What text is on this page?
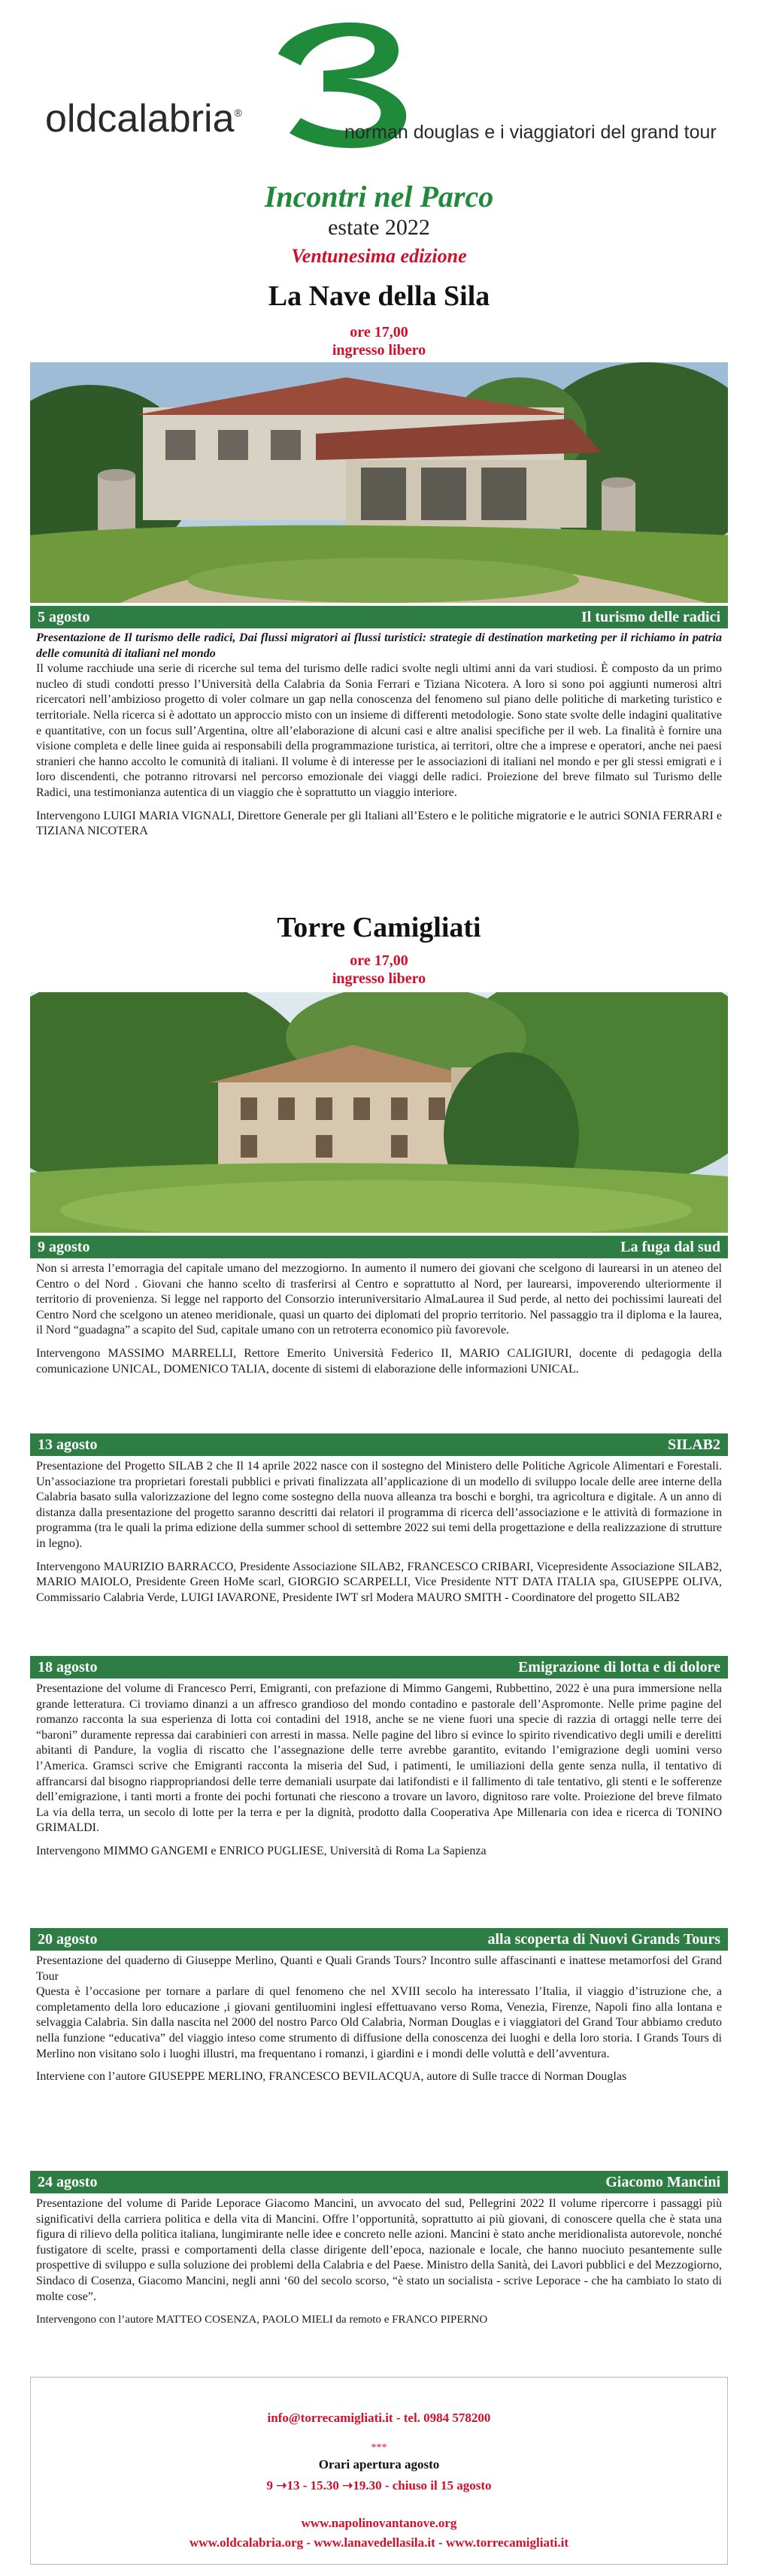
oldcalabria®
norman douglas e i viaggiatori del grand tour
Incontri nel Parco
estate 2022
Ventunesima edizione
La Nave della Sila
ore 17,00
ingresso libero
5 agosto	Il turismo delle radici

Presentazione de Il turismo delle radici, Dai flussi migratori ai flussi turistici: strategie di destination marketing per il richiamo in patria delle comunità di italiani nel mondo

Il volume racchiude una serie di ricerche sul tema del turismo delle radici svolte negli ultimi anni da vari studiosi. È composto da un primo nucleo di studi condotti presso l’Università della Calabria da Sonia Ferrari e Tiziana Nicotera. A loro si sono poi aggiunti numerosi altri ricercatori nell’ambizioso progetto di voler colmare un gap nella conoscenza del fenomeno sul piano delle politiche di marketing turistico e territoriale. Nella ricerca si è adottato un approccio misto con un insieme di differenti metodologie. Sono state svolte delle indagini qualitative e quantitative, con un focus sull’Argentina, oltre all’elaborazione di alcuni casi e altre analisi specifiche per il web. La finalità è fornire una visione completa e delle linee guida ai responsabili della programmazione turistica, ai territori, oltre che a imprese e operatori, anche nei paesi stranieri che hanno accolto le comunità di italiani. Il volume è di interesse per le associazioni di italiani nel mondo e per gli stessi emigrati e i loro discendenti, che potranno ritrovarsi nel percorso emozionale dei viaggi delle radici. Proiezione del breve filmato sul Turismo delle Radici, una testimonianza autentica di un viaggio che è soprattutto un viaggio interiore.

Intervengono LUIGI MARIA VIGNALI, Direttore Generale per gli Italiani all’Estero e le politiche migratorie e le autrici SONIA FERRARI e TIZIANA NICOTERA

Torre Camigliati
ore 17,00
ingresso libero
9 agosto	La fuga dal sud

Non si arresta l’emorragia del capitale umano del mezzogiorno. In aumento il numero dei giovani che scelgono di laurearsi in un ateneo del Centro o del Nord . Giovani che hanno scelto di trasferirsi al Centro e soprattutto al Nord, per laurearsi, impoverendo ulteriormente il territorio di provenienza. Si legge nel rapporto del Consorzio interuniversitario AlmaLaurea il Sud perde, al netto dei pochissimi laureati del Centro Nord che scelgono un ateneo meridionale, quasi un quarto dei diplomati del proprio territorio. Nel passaggio tra il diploma e la laurea, il Nord “guadagna” a scapito del Sud, capitale umano con un retroterra economico più favorevole.

Intervengono MASSIMO MARRELLI, Rettore Emerito Università Federico II, MARIO CALIGIURI, docente di pedagogia della comunicazione UNICAL, DOMENICO TALIA, docente di sistemi di elaborazione delle informazioni UNICAL.

13 agosto	SILAB2

Presentazione del Progetto SILAB 2 che Il 14 aprile 2022 nasce con il sostegno del Ministero delle Politiche Agricole Alimentari e Forestali. Un’associazione tra proprietari forestali pubblici e privati finalizzata all’applicazione di un modello di sviluppo locale delle aree interne della Calabria basato sulla valorizzazione del legno come sostegno della nuova alleanza tra boschi e borghi, tra agricoltura e digitale. A un anno di distanza dalla presentazione del progetto saranno descritti dai relatori il programma di ricerca dell’associazione e le attività di formazione in programma (tra le quali la prima edizione della summer school di settembre 2022 sui temi della progettazione e della realizzazione di strutture in legno).

Intervengono MAURIZIO BARRACCO, Presidente Associazione SILAB2, FRANCESCO CRIBARI, Vicepresidente Associazione SILAB2, MARIO MAIOLO, Presidente Green HoMe scarl, GIORGIO SCARPELLI, Vice Presidente NTT DATA ITALIA spa, GIUSEPPE OLIVA, Commissario Calabria Verde, LUIGI IAVARONE, Presidente IWT srl Modera MAURO SMITH - Coordinatore del progetto SILAB2

18 agosto	Emigrazione di lotta e di dolore

Presentazione del volume di Francesco Perri, Emigranti, con prefazione di Mimmo Gangemi, Rubbettino, 2022 è una pura immersione nella grande letteratura. Ci troviamo dinanzi a un affresco grandioso del mondo contadino e pastorale dell’Aspromonte. Nelle prime pagine del romanzo racconta la sua esperienza di lotta coi contadini del 1918, anche se ne viene fuori una specie di razzia di ortaggi nelle terre dei “baroni” duramente repressa dai carabinieri con arresti in massa. Nelle pagine del libro si evince lo spirito rivendicativo degli umili e derelitti abitanti di Pandure, la voglia di riscatto che l’assegnazione delle terre avrebbe garantito, evitando l’emigrazione degli uomini verso l’America. Gramsci scrive che Emigranti racconta la miseria del Sud, i patimenti, le umiliazioni della gente senza nulla, il tentativo di affrancarsi dal bisogno riappropriandosi delle terre demaniali usurpate dai latifondisti e il fallimento di tale tentativo, gli stenti e le sofferenze dell’emigrazione, i tanti morti a fronte dei pochi fortunati che riescono a trovare un lavoro, dignitoso rare volte. Proiezione del breve filmato La via della terra, un secolo di lotte per la terra e per la dignità, prodotto dalla Cooperativa Ape Millenaria con idea e ricerca di TONINO GRIMALDI.

Intervengono MIMMO GANGEMI e ENRICO PUGLIESE, Università di Roma La Sapienza

20 agosto	alla scoperta di Nuovi Grands Tours

Presentazione del quaderno di Giuseppe Merlino, Quanti e Quali Grands Tours? Incontro sulle affascinanti e inattese metamorfosi del Grand Tour

Questa è l’occasione per tornare a parlare di quel fenomeno che nel XVIII secolo ha interessato l’Italia, il viaggio d’istruzione che, a completamento della loro educazione ,i giovani gentiluomini inglesi effettuavano verso Roma, Venezia, Firenze, Napoli fino alla lontana e selvaggia Calabria. Sin dalla nascita nel 2000 del nostro Parco Old Calabria, Norman Douglas e i viaggiatori del Grand Tour abbiamo creduto nella funzione “educativa” del viaggio inteso come strumento di diffusione della conoscenza dei luoghi e della loro storia. I Grands Tours di Merlino non visitano solo i luoghi illustri, ma frequentano i romanzi, i giardini e i mondi delle voluttà e dell’avventura.

Interviene con l’autore GIUSEPPE MERLINO, FRANCESCO BEVILACQUA, autore di Sulle tracce di Norman Douglas

24 agosto	Giacomo Mancini

Presentazione del volume di Paride Leporace Giacomo Mancini, un avvocato del sud, Pellegrini 2022 Il volume ripercorre i passaggi più significativi della carriera politica e della vita di Mancini. Offre l’opportunità, soprattutto ai più giovani, di conoscere quella che è stata una figura di rilievo della politica italiana, lungimirante nelle idee e concreto nelle azioni. Mancini è stato anche meridionalista autorevole, nonché fustigatore di scelte, prassi e comportamenti della classe dirigente dell’epoca, nazionale e locale, che hanno nuociuto pesantemente sulle prospettive di sviluppo e sulla soluzione dei problemi della Calabria e del Paese. Ministro della Sanità, dei Lavori pubblici e del Mezzogiorno, Sindaco di Cosenza, Giacomo Mancini, negli anni ‘60 del secolo scorso, “è stato un socialista - scrive Leporace - che ha cambiato lo stato di molte cose”.

Intervengono con l’autore MATTEO COSENZA, PAOLO MIELI da remoto e FRANCO PIPERNO

info@torrecamigliati.it - tel. 0984 578200
***
Orari apertura agosto
9 ➝13 - 15.30 ➝19.30 - chiuso il 15 agosto
www.napolinovantanove.org
www.oldcalabria.org - www.lanavedellasila.it - www.torrecamigliati.it
